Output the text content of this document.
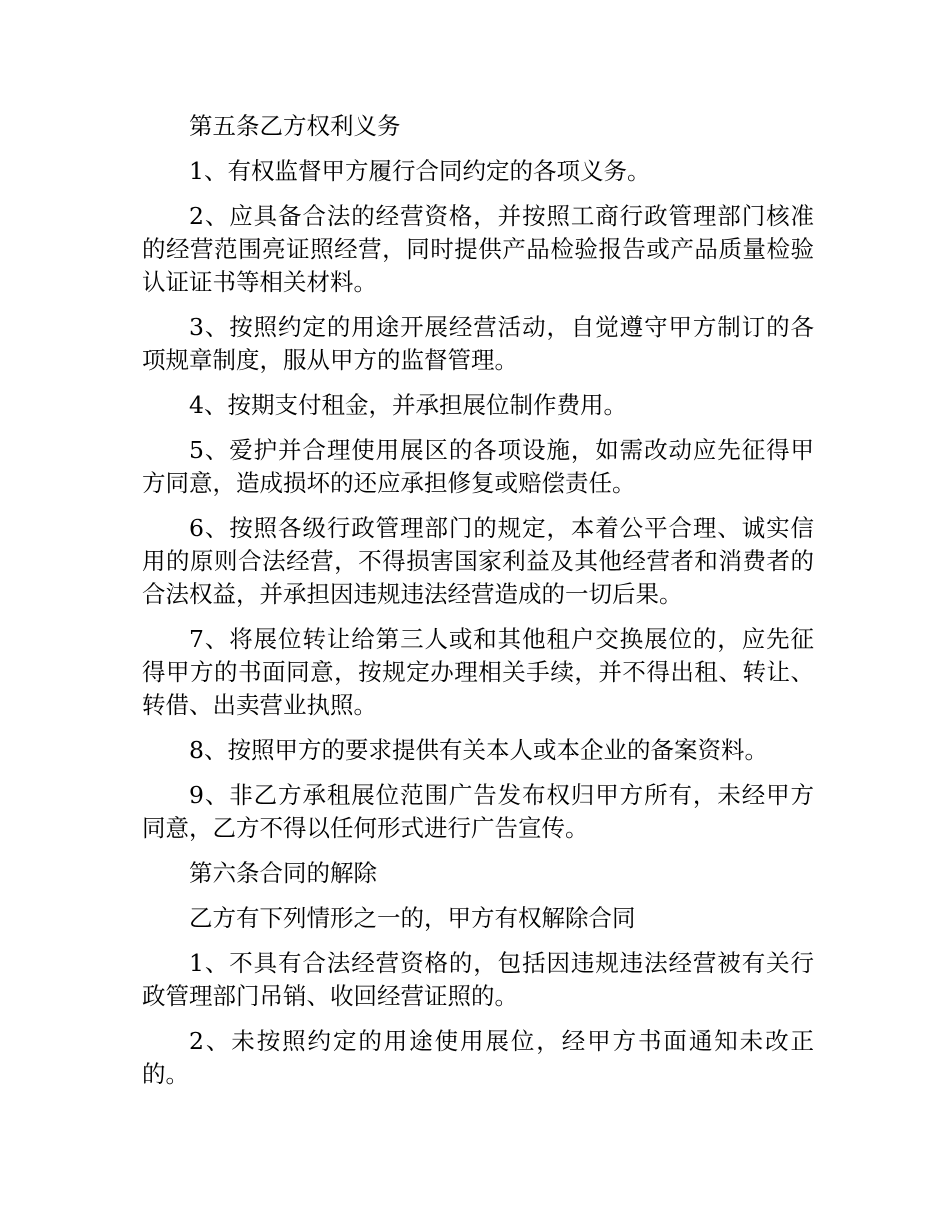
第五条乙方权利义务

1、有权监督甲方履行合同约定的各项义务。

2、应具备合法的经营资格，并按照工商行政管理部门核准的经营范围亮证照经营，同时提供产品检验报告或产品质量检验认证证书等相关材料。

3、按照约定的用途开展经营活动，自觉遵守甲方制订的各项规章制度，服从甲方的监督管理。

4、按期支付租金，并承担展位制作费用。

5、爱护并合理使用展区的各项设施，如需改动应先征得甲方同意，造成损坏的还应承担修复或赔偿责任。

6、按照各级行政管理部门的规定，本着公平合理、诚实信用的原则合法经营，不得损害国家利益及其他经营者和消费者的合法权益，并承担因违规违法经营造成的一切后果。

7、将展位转让给第三人或和其他租户交换展位的，应先征得甲方的书面同意，按规定办理相关手续，并不得出租、转让、转借、出卖营业执照。

8、按照甲方的要求提供有关本人或本企业的备案资料。

9、非乙方承租展位范围广告发布权归甲方所有，未经甲方同意，乙方不得以任何形式进行广告宣传。

第六条合同的解除

乙方有下列情形之一的，甲方有权解除合同

1、不具有合法经营资格的，包括因违规违法经营被有关行政管理部门吊销、收回经营证照的。

2、未按照约定的用途使用展位，经甲方书面通知未改正的。
